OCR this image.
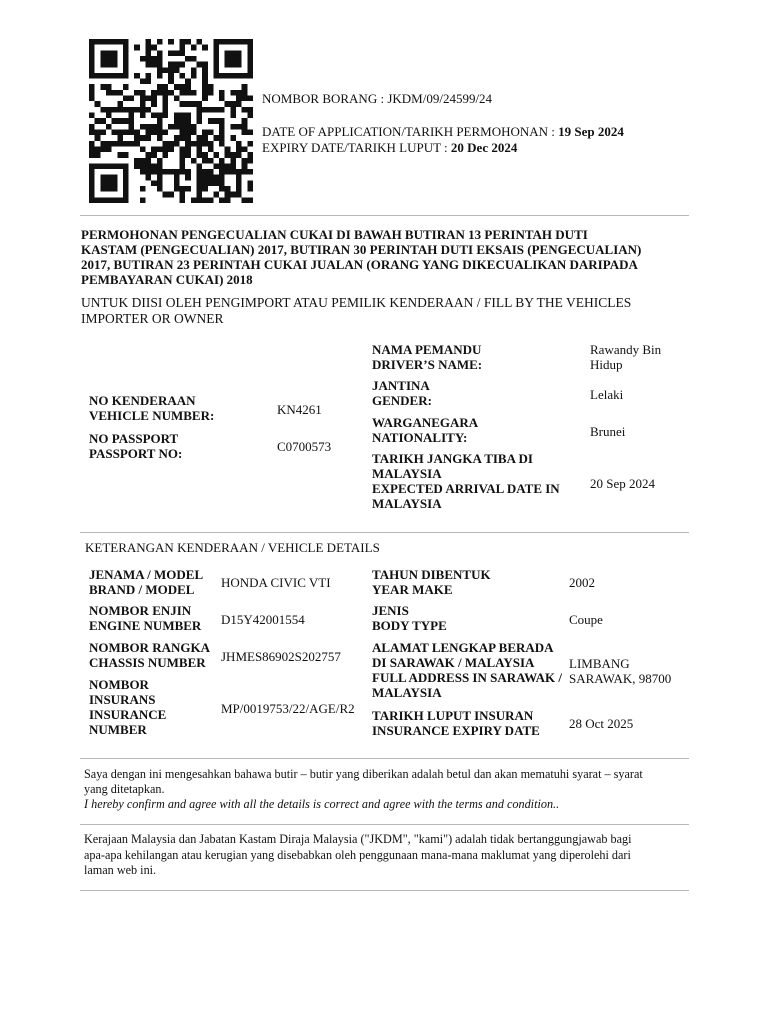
NOMBOR BORANG : JKDM/09/24599/24
DATE OF APPLICATION/TARIKH PERMOHONAN : 19 Sep 2024
EXPIRY DATE/TARIKH LUPUT : 20 Dec 2024
PERMOHONAN PENGECUALIAN CUKAI DI BAWAH BUTIRAN 13 PERINTAH DUTI
KASTAM (PENGECUALIAN) 2017, BUTIRAN 30 PERINTAH DUTI EKSAIS (PENGECUALIAN)
2017, BUTIRAN 23 PERINTAH CUKAI JUALAN (ORANG YANG DIKECUALIKAN DARIPADA
PEMBAYARAN CUKAI) 2018
UNTUK DIISI OLEH PENGIMPORT ATAU PEMILIK KENDERAAN / FILL BY THE VEHICLES
IMPORTER OR OWNER
NO KENDERAAN
VEHICLE NUMBER:	KN4261
NO PASSPORT
PASSPORT NO:	C0700573
NAMA PEMANDU
DRIVER’S NAME:
Rawandy Bin
Hidup
JANTINA
GENDER:	Lelaki
WARGANEGARA
NATIONALITY:	Brunei
TARIKH JANGKA TIBA DI
MALAYSIA
EXPECTED ARRIVAL DATE IN
MALAYSIA
20 Sep 2024
KETERANGAN KENDERAAN / VEHICLE DETAILS
JENAMA / MODEL
BRAND / MODEL	HONDA CIVIC VTI
NOMBOR ENJIN
ENGINE NUMBER D15Y42001554
NOMBOR RANGKA
CHASSIS NUMBER	JHMES86902S202757
NOMBOR
INSURANS
INSURANCE
NUMBER
MP/0019753/22/AGE/R2
TAHUN DIBENTUK
YEAR MAKE	2002
JENIS
BODY TYPE	Coupe
ALAMAT LENGKAP BERADA
DI SARAWAK / MALAYSIA
FULL ADDRESS IN SARAWAK /
MALAYSIA
LIMBANG
SARAWAK, 98700
TARIKH LUPUT INSURAN
INSURANCE EXPIRY DATE 28 Oct 2025
Saya dengan ini mengesahkan bahawa butir – butir yang diberikan adalah betul dan akan mematuhi syarat – syarat
yang ditetapkan.
I hereby confirm and agree with all the details is correct and agree with the terms and condition..
Kerajaan Malaysia dan Jabatan Kastam Diraja Malaysia ("JKDM", "kami") adalah tidak bertanggungjawab bagi
apa-apa kehilangan atau kerugian yang disebabkan oleh penggunaan mana-mana maklumat yang diperolehi dari
laman web ini.
